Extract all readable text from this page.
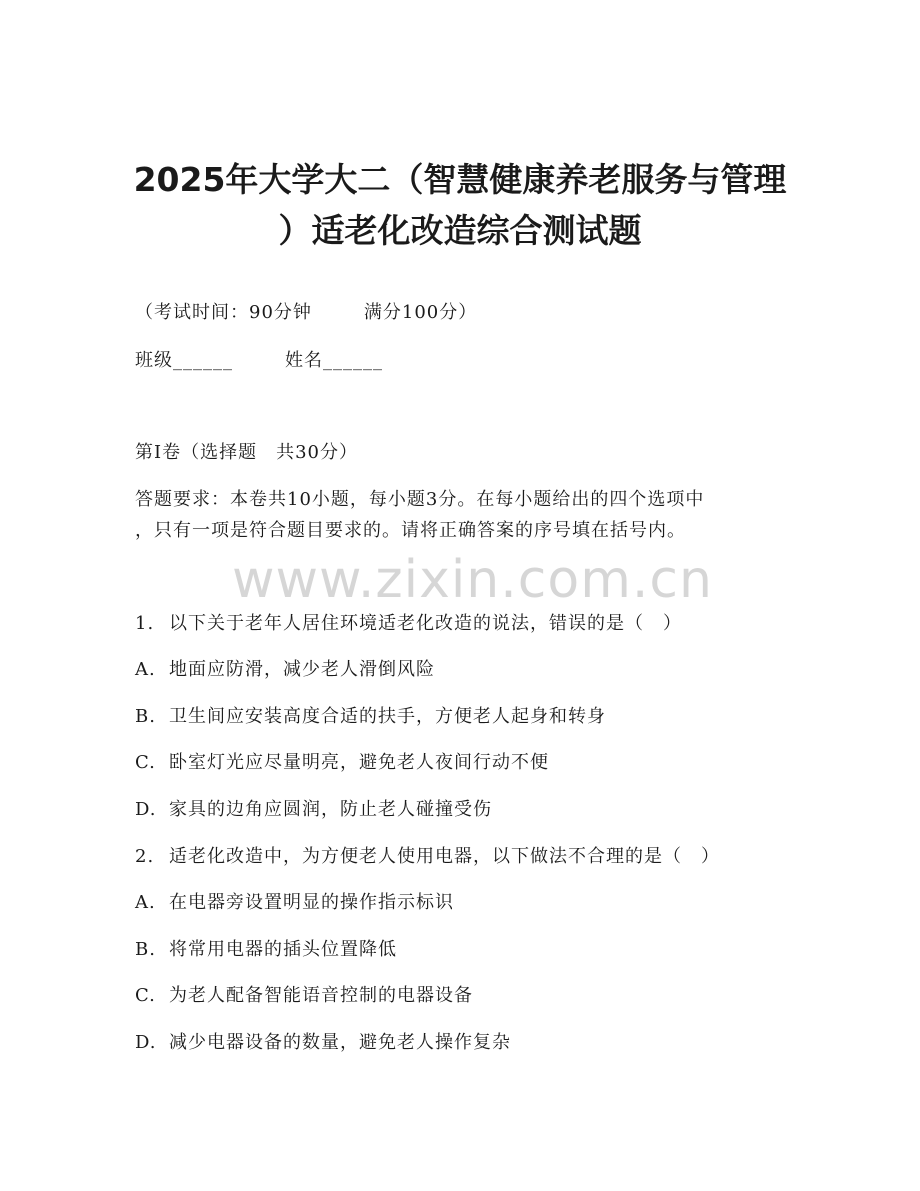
2025年大学大二（智慧健康养老服务与管理
）适老化改造综合测试题
（考试时间：90分钟	满分100分）
班级______	姓名______
第I卷（选择题　共30分）
答题要求：本卷共10小题，每小题3分。在每小题给出的四个选项中
，只有一项是符合题目要求的。请将正确答案的序号填在括号内。
www.zixin.com.cn
1. 以下关于老年人居住环境适老化改造的说法，错误的是（　）
A. 地面应防滑，减少老人滑倒风险
B. 卫生间应安装高度合适的扶手，方便老人起身和转身
C. 卧室灯光应尽量明亮，避免老人夜间行动不便
D. 家具的边角应圆润，防止老人碰撞受伤
2. 适老化改造中，为方便老人使用电器，以下做法不合理的是（　）
A. 在电器旁设置明显的操作指示标识
B. 将常用电器的插头位置降低
C. 为老人配备智能语音控制的电器设备
D. 减少电器设备的数量，避免老人操作复杂
